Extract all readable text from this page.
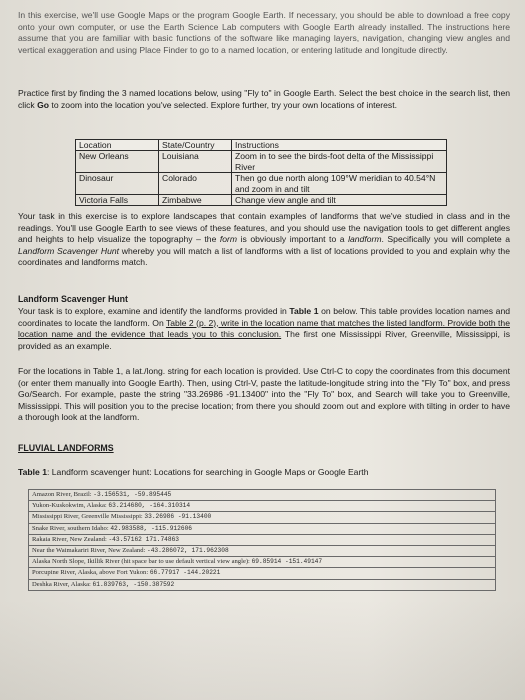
In this exercise, we'll use Google Maps or the program Google Earth. If necessary, you should be able to download a free copy onto your own computer, or use the Earth Science Lab computers with Google Earth already installed. The instructions here assume that you are familiar with basic functions of the software like managing layers, navigation, changing view angles and vertical exaggeration and using Place Finder to go to a named location, or entering latitude and longitude directly.

Practice first by finding the 3 named locations below, using "Fly to" in Google Earth. Select the best choice in the search list, then click Go to zoom into the location you've selected. Explore further, try your own locations of interest.

Location	State/Country	Instructions
New Orleans	Louisiana	Zoom in to see the birds-foot delta of the Mississippi River
Dinosaur	Colorado	Then go due north along 109°W meridian to 40.54°N and zoom in and tilt
Victoria Falls	Zimbabwe	Change view angle and tilt

Your task in this exercise is to explore landscapes that contain examples of landforms that we've studied in class and in the readings. You'll use Google Earth to see views of these features, and you should use the navigation tools to get different angles and heights to help visualize the topography – the form is obviously important to a landform. Specifically you will complete a Landform Scavenger Hunt whereby you will match a list of landforms with a list of locations provided to you and explain why the coordinates and landforms match.

Landform Scavenger Hunt

Your task is to explore, examine and identify the landforms provided in Table 1 on below. This table provides location names and coordinates to locate the landform. On Table 2 (p. 2), write in the location name that matches the listed landform. Provide both the location name and the evidence that leads you to this conclusion. The first one Mississippi River, Greenville, Mississippi, is provided as an example.

For the locations in Table 1, a lat./long. string for each location is provided. Use Ctrl-C to copy the coordinates from this document (or enter them manually into Google Earth). Then, using Ctrl-V, paste the latitude-longitude string into the "Fly To" box, and press Go/Search. For example, paste the string "33.26986 -91.13400" into the "Fly To" box, and Search will take you to Greenville, Mississippi. This will position you to the precise location; from there you should zoom out and explore with tilting in order to have a thorough look at the landform.

FLUVIAL LANDFORMS

Table 1: Landform scavenger hunt: Locations for searching in Google Maps or Google Earth

Amazon River, Brazil: -3.156531, -59.895445
Yukon-Kuskokwim, Alaska: 63.214680, -164.310314
Mississippi River, Greenville Mississippi: 33.26986 -91.13400
Snake River, southern Idaho: 42.983588, -115.912606
Rakaia River, New Zealand: -43.57162 171.74863
Near the Waimakariri River, New Zealand: -43.286072, 171.962308
Alaska North Slope, Ikillik River (hit space bar to use default vertical view angle): 69.85914 -151.49147
Porcupine River, Alaska, above Fort Yukon: 66.77917 -144.20221
Deshka River, Alaska: 61.839763, -150.387592
